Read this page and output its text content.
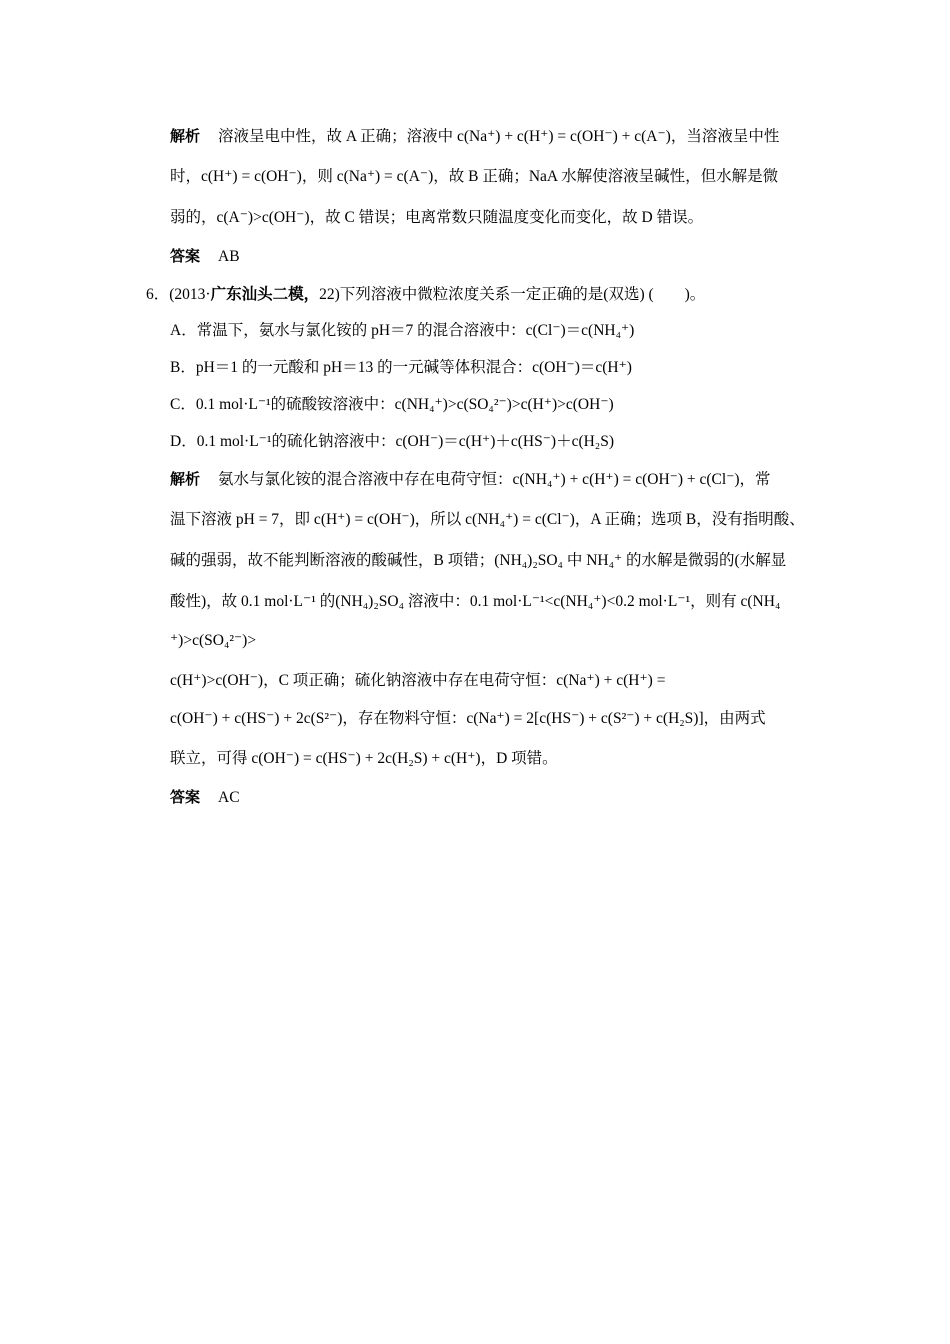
解析 溶液呈电中性，故 A 正确；溶液中 c(Na⁺) + c(H⁺) = c(OH⁻) + c(A⁻)，当溶液呈中性
时，c(H⁺) = c(OH⁻)，则 c(Na⁺) = c(A⁻)，故 B 正确；NaA 水解使溶液呈碱性，但水解是微
弱的，c(A⁻)>c(OH⁻)，故 C 错误；电离常数只随温度变化而变化，故 D 错误。
答案 AB
6．(2013·广东汕头二模，22)下列溶液中微粒浓度关系一定正确的是(双选) (　　)。
A．常温下，氨水与氯化铵的 pH＝7 的混合溶液中：c(Cl⁻)＝c(NH₄⁺)
B．pH＝1 的一元酸和 pH＝13 的一元碱等体积混合：c(OH⁻)＝c(H⁺)
C．0.1 mol·L⁻¹的硫酸铵溶液中：c(NH₄⁺)>c(SO₄²⁻)>c(H⁺)>c(OH⁻)
D．0.1 mol·L⁻¹的硫化钠溶液中：c(OH⁻)＝c(H⁺)＋c(HS⁻)＋c(H₂S)
解析 氨水与氯化铵的混合溶液中存在电荷守恒：c(NH₄⁺) + c(H⁺) = c(OH⁻) + c(Cl⁻)，常
温下溶液 pH = 7，即 c(H⁺) = c(OH⁻)，所以 c(NH₄⁺) = c(Cl⁻)，A 正确；选项 B，没有指明酸、
碱的强弱，故不能判断溶液的酸碱性，B 项错；(NH₄)₂SO₄ 中 NH₄⁺ 的水解是微弱的(水解显
酸性)，故 0.1 mol·L⁻¹ 的(NH₄)₂SO₄ 溶液中：0.1 mol·L⁻¹<c(NH₄⁺)<0.2 mol·L⁻¹，则有 c(NH₄
⁺)>c(SO₄²⁻)>
c(H⁺)>c(OH⁻)，C 项正确；硫化钠溶液中存在电荷守恒：c(Na⁺) + c(H⁺) =
c(OH⁻) + c(HS⁻) + 2c(S²⁻)，存在物料守恒：c(Na⁺) = 2[c(HS⁻) + c(S²⁻) + c(H₂S)]，由两式
联立，可得 c(OH⁻) = c(HS⁻) + 2c(H₂S) + c(H⁺)，D 项错。
答案 AC
